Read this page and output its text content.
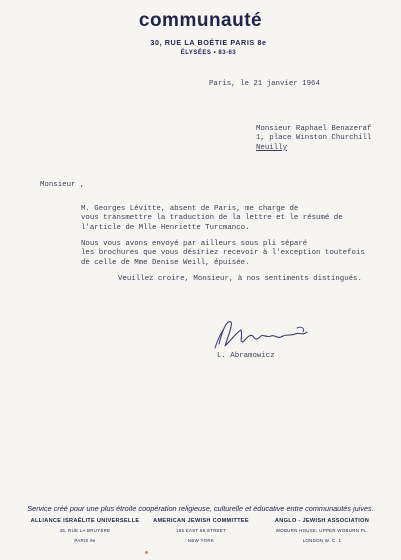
communauté
30, RUE LA BOÉTIE PARIS 8e
ÉLYSÉES • 83-63
Paris, le 21 janvier 1964
Monsieur Raphael Benazeraf
1, place Winston Churchill
Neuilly
Monsieur ,
M. Georges Lévitte, absent de Paris, me charge de
vous transmettre la traduction de la lettre et le résumé de
l'article de Mlle Henriette Turcmanco.
Nous vous avons envoyé par ailleurs sous pli séparé
les brochures que vous désiriez recevoir à l'exception toutefois
de celle de Mme Denise Weill, épuisée.
Veuillez croire, Monsieur, à nos sentiments distingués.
L. Abramowicz
Service créé pour une plus étroite coopération religieuse, culturelle et éducative entre communautés juives.
ALLIANCE ISRAÉLITE UNIVERSELLE
45, RUE LA BRUYÈRE
PARIS 9e
AMERICAN JEWISH COMMITTEE
165 EAST 56 STREET
NEW YORK
ANGLO - JEWISH ASSOCIATION
WOBURN HOUSE, UPPER WOBURN PL.
LONDON W. C. 1
